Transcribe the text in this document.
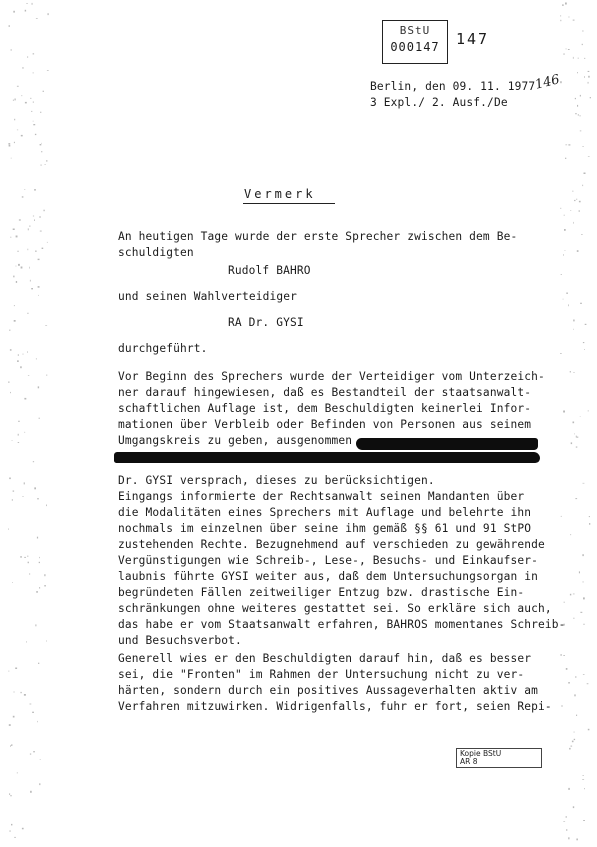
BStU
000147	147
146
Berlin, den 09. 11. 1977
3 Expl./ 2. Ausf./De
Vermerk
An heutigen Tage wurde der erste Sprecher zwischen dem Be-
schuldigten
Rudolf BAHRO
und seinen Wahlverteidiger
RA Dr. GYSI
durchgeführt.
Vor Beginn des Sprechers wurde der Verteidiger vom Unterzeich-
ner darauf hingewiesen, daß es Bestandteil der staatsanwalt-
schaftlichen Auflage ist, dem Beschuldigten keinerlei Infor-
mationen über Verbleib oder Befinden von Personen aus seinem
Umgangskreis zu geben, ausgenommen
Dr. GYSI versprach, dieses zu berücksichtigen.
Eingangs informierte der Rechtsanwalt seinen Mandanten über
die Modalitäten eines Sprechers mit Auflage und belehrte ihn
nochmals im einzelnen über seine ihm gemäß §§ 61 und 91 StPO
zustehenden Rechte. Bezugnehmend auf verschieden zu gewährende
Vergünstigungen wie Schreib-, Lese-, Besuchs- und Einkaufser-
laubnis führte GYSI weiter aus, daß dem Untersuchungsorgan in
begründeten Fällen zeitweiliger Entzug bzw. drastische Ein-
schränkungen ohne weiteres gestattet sei. So erkläre sich auch,
das habe er vom Staatsanwalt erfahren, BAHROS momentanes Schreib-
und Besuchsverbot.
Generell wies er den Beschuldigten darauf hin, daß es besser
sei, die "Fronten" im Rahmen der Untersuchung nicht zu ver-
härten, sondern durch ein positives Aussageverhalten aktiv am
Verfahren mitzuwirken. Widrigenfalls, fuhr er fort, seien Repi-
Kopie BStU
AR 8
